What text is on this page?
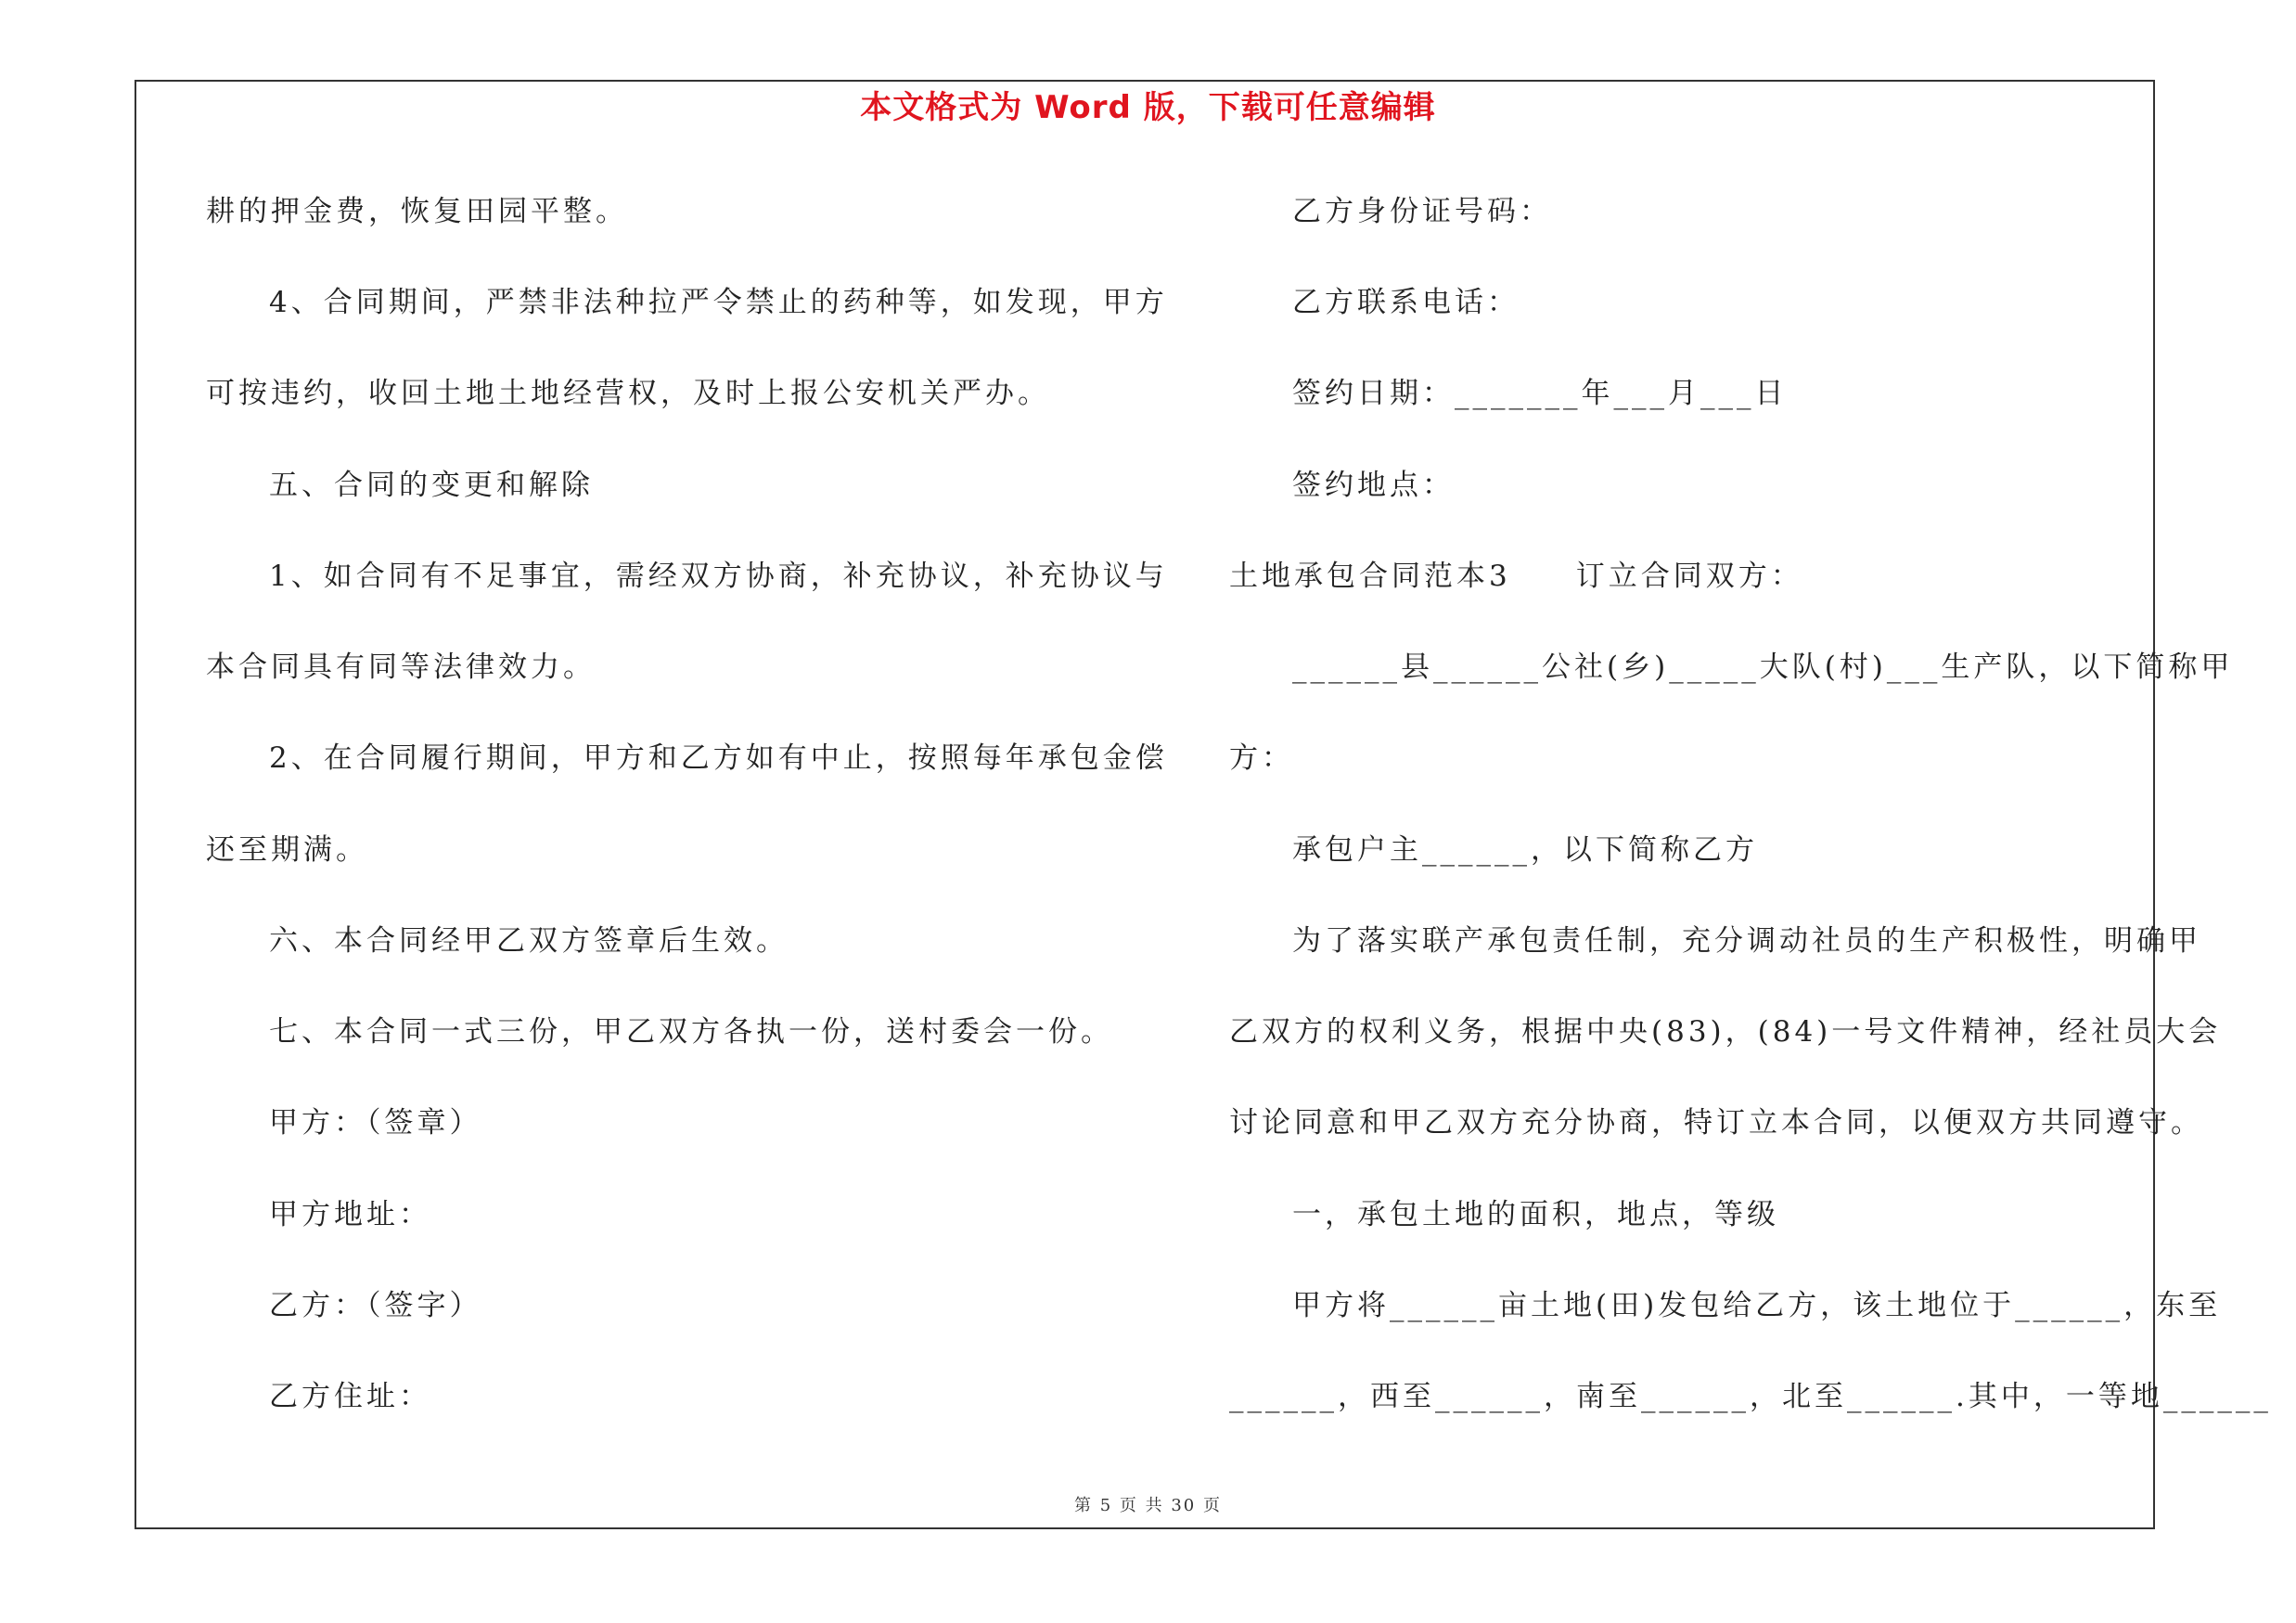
本文格式为 Word 版，下载可任意编辑
耕的押金费，恢复田园平整。
4、合同期间，严禁非法种拉严令禁止的药种等，如发现，甲方
可按违约，收回土地土地经营权，及时上报公安机关严办。
五、合同的变更和解除
1、如合同有不足事宜，需经双方协商，补充协议，补充协议与
本合同具有同等法律效力。
2、在合同履行期间，甲方和乙方如有中止，按照每年承包金偿
还至期满。
六、本合同经甲乙双方签章后生效。
七、本合同一式三份，甲乙双方各执一份，送村委会一份。
甲方：（签章）
甲方地址：
乙方：（签字）
乙方住址：
乙方身份证号码：
乙方联系电话：
签约日期：_______年___月___日
签约地点：
土地承包合同范本3　　订立合同双方：
______县______公社(乡)_____大队(村)___生产队，以下简称甲
方：
承包户主______，以下简称乙方
为了落实联产承包责任制，充分调动社员的生产积极性，明确甲
乙双方的权利义务，根据中央(83)，(84)一号文件精神，经社员大会
讨论同意和甲乙双方充分协商，特订立本合同，以便双方共同遵守。
一，承包土地的面积，地点，等级
甲方将______亩土地(田)发包给乙方，该土地位于______，东至
______，西至______，南至______，北至______.其中，一等地______
第 5 页 共 30 页
